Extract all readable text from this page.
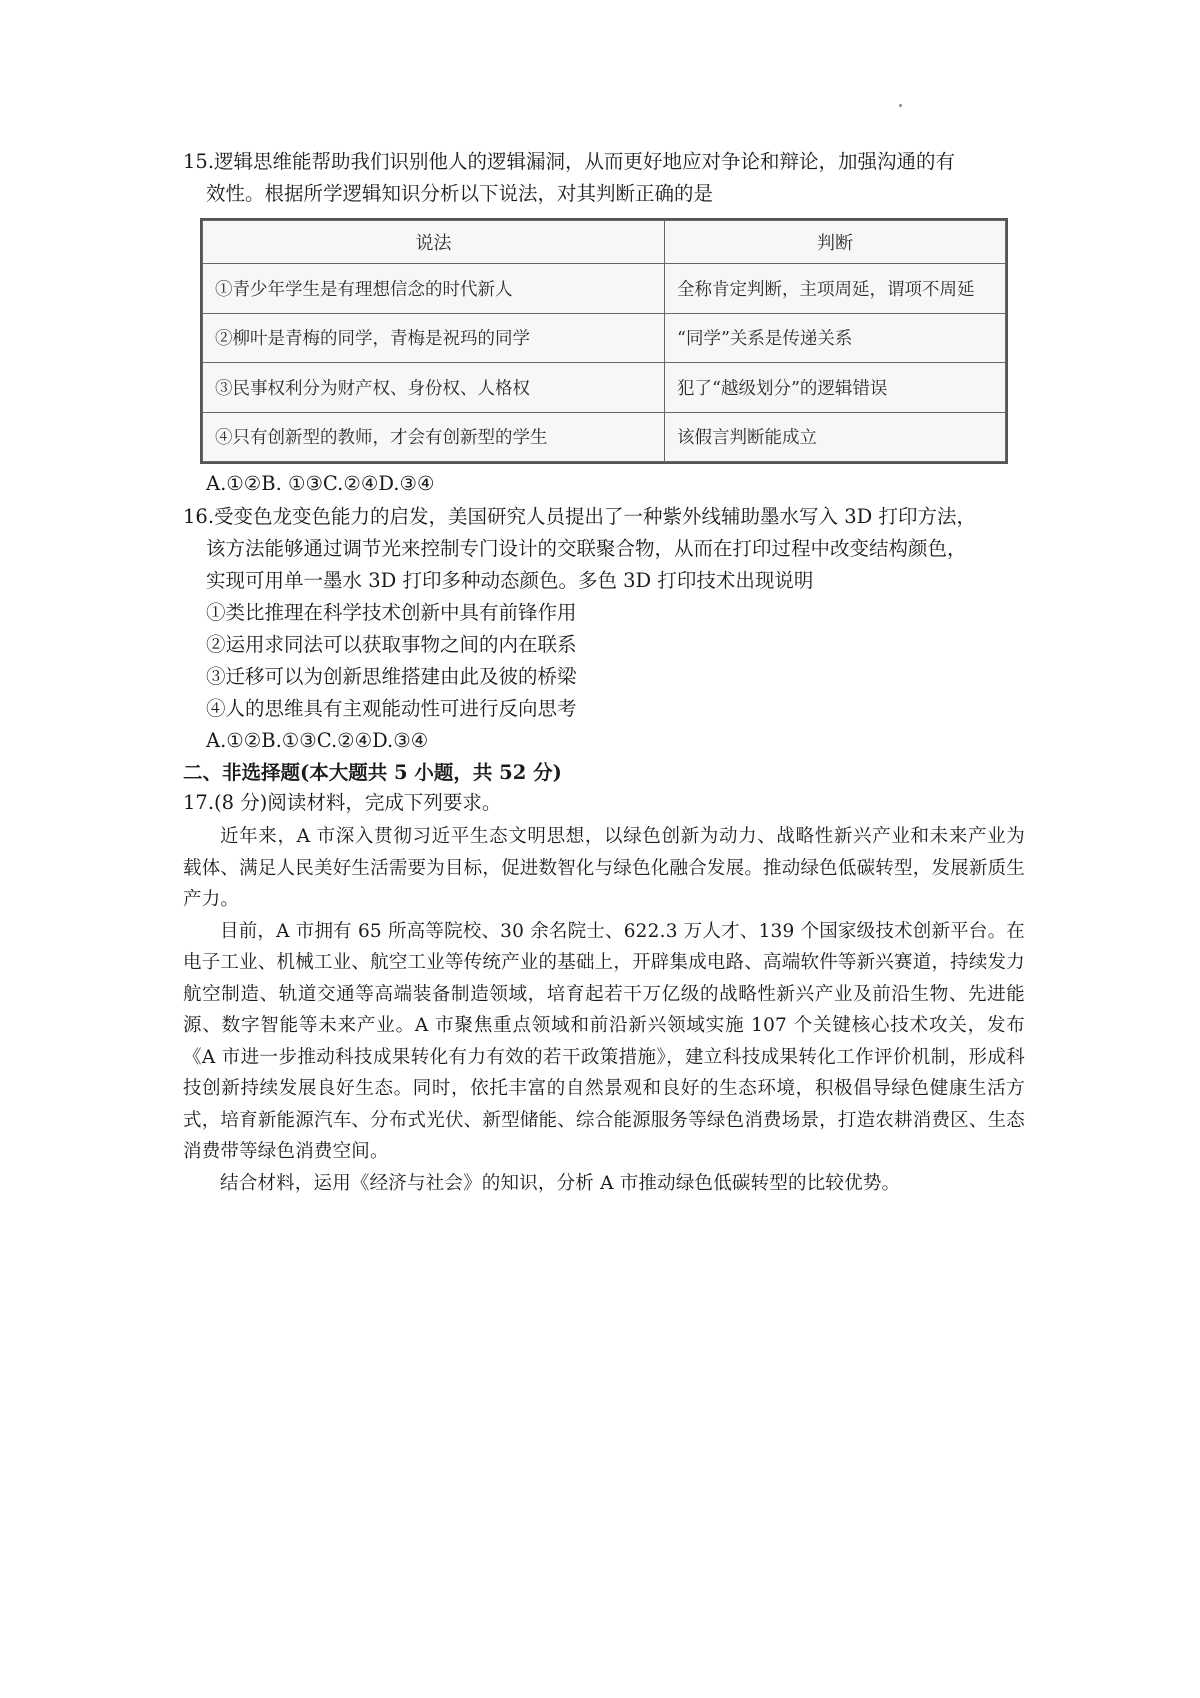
15.逻辑思维能帮助我们识别他人的逻辑漏洞，从而更好地应对争论和辩论，加强沟通的有
效性。根据所学逻辑知识分析以下说法，对其判断正确的是
说法	判断
①青少年学生是有理想信念的时代新人	全称肯定判断，主项周延，谓项不周延
②柳叶是青梅的同学，青梅是祝玛的同学	“同学”关系是传递关系
③民事权利分为财产权、身份权、人格权	犯了“越级划分”的逻辑错误
④只有创新型的教师，才会有创新型的学生	该假言判断能成立
A.①②B. ①③C.②④D.③④
16.受变色龙变色能力的启发，美国研究人员提出了一种紫外线辅助墨水写入 3D 打印方法，
该方法能够通过调节光来控制专门设计的交联聚合物，从而在打印过程中改变结构颜色，
实现可用单一墨水 3D 打印多种动态颜色。多色 3D 打印技术出现说明
①类比推理在科学技术创新中具有前锋作用
②运用求同法可以获取事物之间的内在联系
③迁移可以为创新思维搭建由此及彼的桥梁
④人的思维具有主观能动性可进行反向思考
A.①②B.①③C.②④D.③④
二、非选择题(本大题共 5 小题，共 52 分)
17.(8 分)阅读材料，完成下列要求。

近年来，A 市深入贯彻习近平生态文明思想，以绿色创新为动力、战略性新兴产业和未来产业为载体、满足人民美好生活需要为目标，促进数智化与绿色化融合发展。推动绿色低碳转型，发展新质生产力。

目前，A 市拥有 65 所高等院校、30 余名院士、622.3 万人才、139 个国家级技术创新平台。在电子工业、机械工业、航空工业等传统产业的基础上，开辟集成电路、高端软件等新兴赛道，持续发力航空制造、轨道交通等高端装备制造领域，培育起若干万亿级的战略性新兴产业及前沿生物、先进能源、数字智能等未来产业。A 市聚焦重点领域和前沿新兴领域实施 107 个关键核心技术攻关，发布《A 市进一步推动科技成果转化有力有效的若干政策措施》，建立科技成果转化工作评价机制，形成科技创新持续发展良好生态。同时，依托丰富的自然景观和良好的生态环境，积极倡导绿色健康生活方式，培育新能源汽车、分布式光伏、新型储能、综合能源服务等绿色消费场景，打造农耕消费区、生态消费带等绿色消费空间。

结合材料，运用《经济与社会》的知识，分析 A 市推动绿色低碳转型的比较优势。
